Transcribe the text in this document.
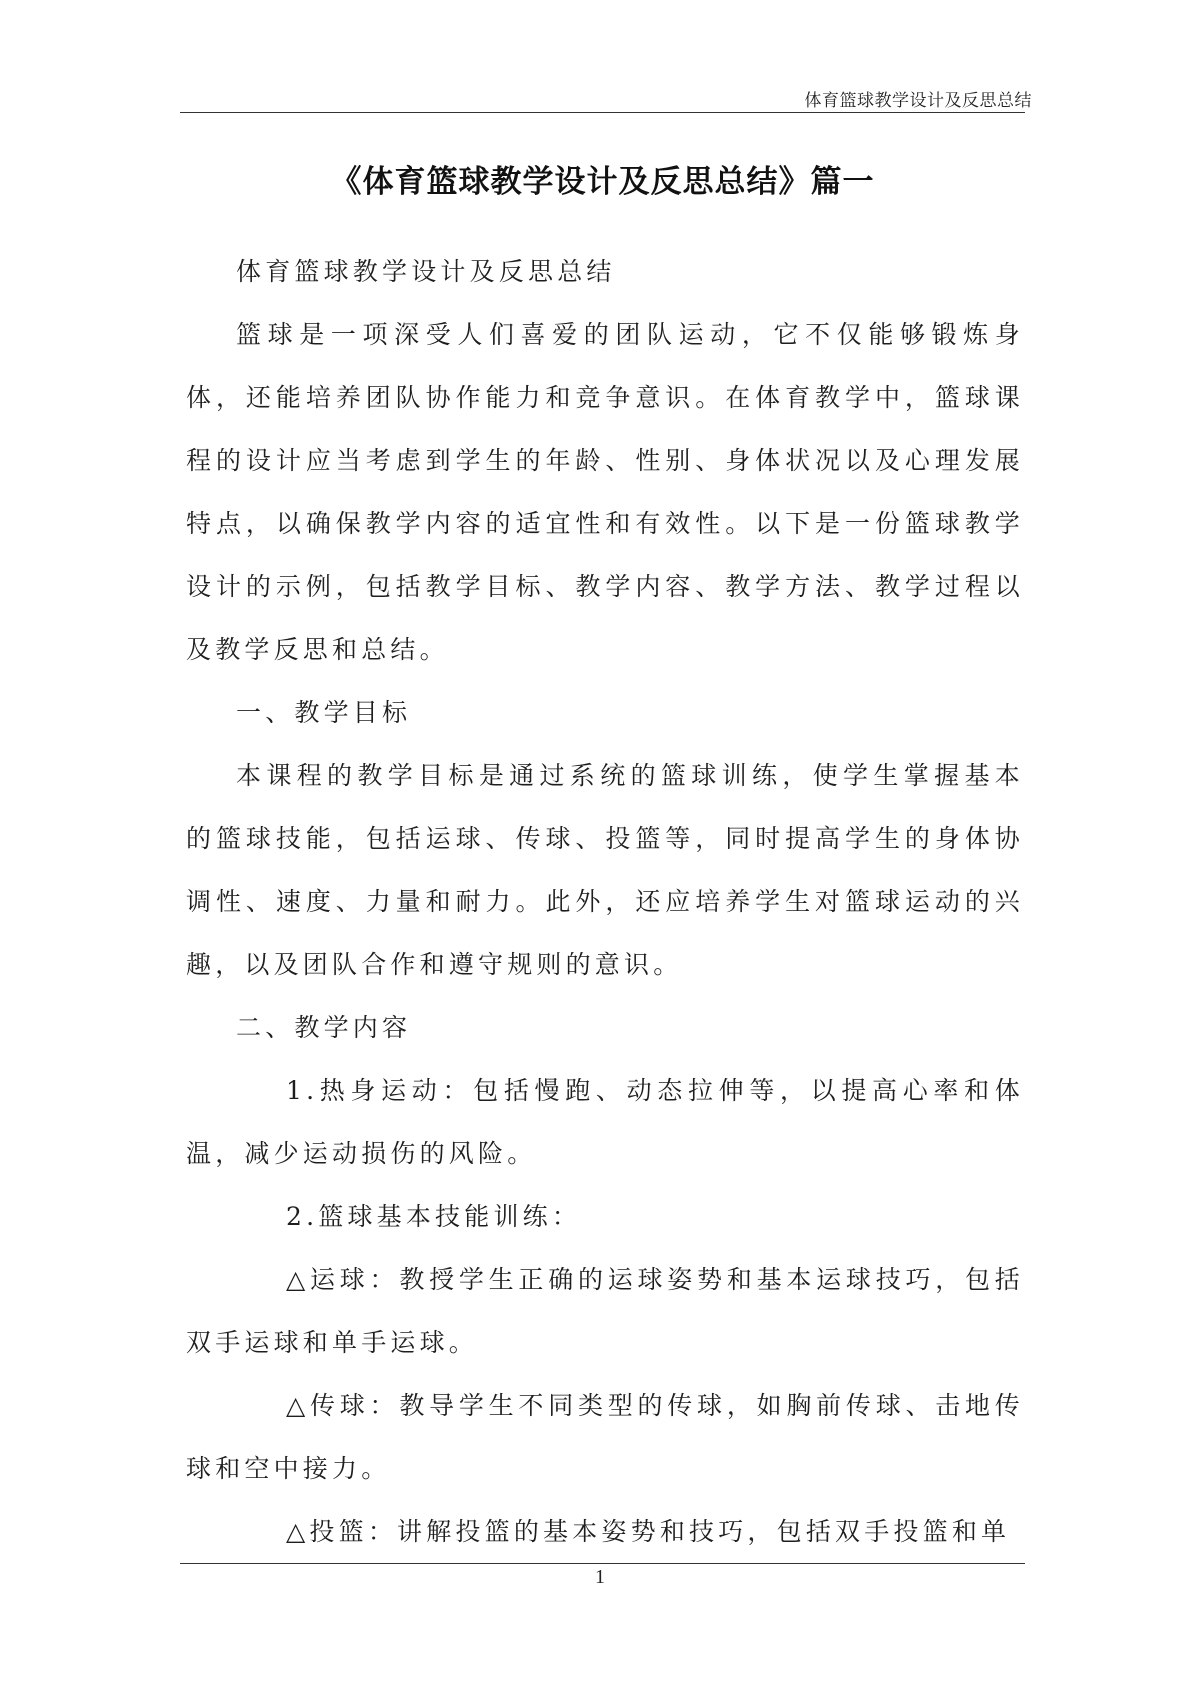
体育篮球教学设计及反思总结
《体育篮球教学设计及反思总结》篇一

体育篮球教学设计及反思总结

篮球是一项深受人们喜爱的团队运动，它不仅能够锻炼身体，还能培养团队协作能力和竞争意识。在体育教学中，篮球课程的设计应当考虑到学生的年龄、性别、身体状况以及心理发展特点，以确保教学内容的适宜性和有效性。以下是一份篮球教学设计的示例，包括教学目标、教学内容、教学方法、教学过程以及教学反思和总结。

一、教学目标

本课程的教学目标是通过系统的篮球训练，使学生掌握基本的篮球技能，包括运球、传球、投篮等，同时提高学生的身体协调性、速度、力量和耐力。此外，还应培养学生对篮球运动的兴趣，以及团队合作和遵守规则的意识。

二、教学内容

1.热身运动：包括慢跑、动态拉伸等，以提高心率和体温，减少运动损伤的风险。

2.篮球基本技能训练：

△运球：教授学生正确的运球姿势和基本运球技巧，包括双手运球和单手运球。

△传球：教导学生不同类型的传球，如胸前传球、击地传球和空中接力。

△投篮：讲解投篮的基本姿势和技巧，包括双手投篮和单

1
